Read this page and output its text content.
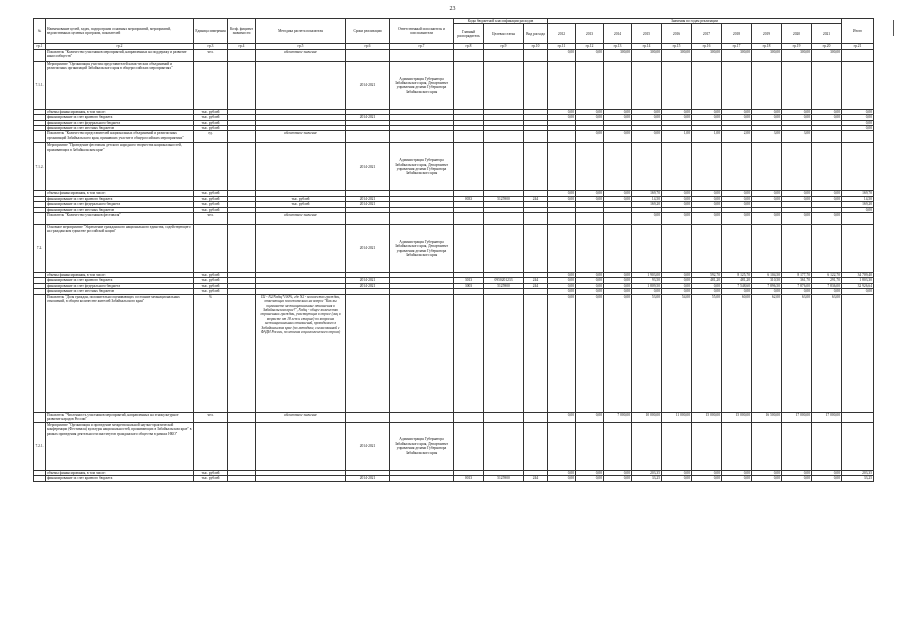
23
№	Наименование целей, задач, подпрограмм основных мероприятий, мероприятий, ведомственных целевых программ, показателей	Единица измерения	Коэф. фициент значимости	Методика расчета показателя	Сроки реализации	Ответственный исполнитель и соисполнители	Коды бюджетной классификации расходов			Значения по годам реализации										Итого
							Главный распорядитель	Целевая статья	Вид расхода	2012	2013	2014	2015	2016	2017	2018	2019	2020	2021	
гр.1	гр.2	гр.3	гр.4	гр.5	гр.6	гр.7	гр.8	гр.9	гр.10	гр.11	гр.12	гр.13	гр.14	гр.15	гр.16	гр.17	гр.18	гр.19	гр.20	гр.21
	Показатель "Количество участников мероприятий, направленных на поддержку и развитие наносообществ"	чел.		абсолютное значение						0,00	0,00	300,00	300,00	300,00	300,00	300,00	300,00	300,00	300,00	
7.1.1.	Мероприятие "Организация участия представителей казак-ческих объединений и религиозных организаций Забайкальского края в общероссийских мероприятиях"				2014-2021	Администрация Губернатора Забайкальского края, Департамент управления делами Губернатора Забайкальского края														
	объемы финансирования, в том числе:	тыс. рублей								0,00	0,00	0,00	0,00	0,00	0,00	0,00	0,00	0,00	0,00	0,00
	финансирование за счет краевого бюджета	тыс. рублей			2014-2021					0,00	0,00	0,00	0,00	0,00	0,00	0,00	0,00	0,00	0,00	0,00
	финансирование за счет федерального бюджета	тыс. рублей																		0,00
	финансирование за счет местных бюджетов	тыс. рублей																		0,00
	Показатель "Количество представителей национальных объединений и религиозных организаций Забайкальского края, принявших участие в общероссийских мероприятиях"	ед.		абсолютное значение							0,00	0,00	0,00	1,00	1,00	2,00	3,00	3,00		
7.1.2.	Мероприятие "Проведение фестиваля детского народного творчества национальностей, проживающих в Забайкальском крае"				2014-2021	Администрация Губернатора Забайкальского края, Департамент управления делами Губернатора Забайкальского края														
	объемы финансирования, в том числе:	тыс. рублей								0,00	0,00	0,00	169,70	0,00	0,00	0,00	0,00	0,00	0,00	169,70
	финансирование за счет краевого бюджета	тыс. рублей		тыс. рублей	2014-2021		0033	5125900	244	0,00	0,00	0,00	14,50	0,00	0,00	0,00	0,00	0,00	0,00	14,50
	финансирование за счет федерального бюджета	тыс. рублей		тыс. рублей	2014-2021								169,20	0,00	0,00	0,00				169,20
	финансирование за счет местных бюджетов	тыс. рублей																		0,00
	Показатель "Количество участников фестиваля"	чел.		абсолютное значение									0,00	0,00	0,00	0,00	0,00	0,00	0,00	
7.2.	Основное мероприятие "Укрепление гражданского национального единства, содействующего на гражданском единстве российской нации"				2014-2021	Администрация Губернатора Забайкальского края, Департамент управления делами Губернатора Забайкальского края														
	объемы финансирования, в том числе:	тыс. рублей								0,00	0,00	0,00	1 903,00	0,00	592,70	8 125,70	6 104,50	8 177,70	6 122,70	34 709,40
	финансирование за счет краевого бюджета	тыс. рублей			2014-2021		3013	0950201233	244	0,00	0,00	0,00	93,50	0,00	481,20	481,20	310,50	361,70	291,70	1 803,30
	финансирование за счет федерального бюджета	тыс. рублей			2014-2021		3003	5125900	244	0,00	0,00	0,00	1 809,50	0,00	0,00	7 548,60	7 896,50	7 876,00	7 836,00	32 926,64
	финансирование за счет местных бюджетов	тыс. рублей								0,00	0,00	0,00	0,00	0,00	0,00	0,00	0,00	0,00	0,00	0,00
	Показатель "Доля граждан, положительно оценивающих состояние межнациональных отношений, в общем количестве жителей Забайкальского края"	%		П2 - N2/Nобщ*100%, где N2 - количество граждан, отвечающих положительно на вопрос "Как вы оцениваете межнациональные отношения в Забайкальском крае?", Nобщ - общее количество опрошенных граждан, участвующих в опросе (лиц в возрасте от 18 лет и старше) по вопросам межнациональных отношений, проводимого в Забайкальском крае (по методике, согласованной с ФАДН России, по итогам социологического опроса)						0,00	0,00	0,00	53,00	54,00	55,00	60,00	62,00	63,00	63,00	
	Показатель "Численность участников мероприятий, направленных на этнокультурное развитие народов России"	чел.		абсолютное значение						0,00	0,00	7 000,00	10 000,00	11 000,00	15 000,00	15 000,00	16 500,00	17 000,00	17 000,00	
7.2.1.	Мероприятие "Организация и проведение межрегиональной научно-практической конференции (Фестиваля) культуры национальностей, проживающих в Забайкальском крае" в рамках проведения деятельности институтов гражданского общества в рамках НКО"				2014-2021	Администрация Губернатора Забайкальского края, Департамент управления делами Губернатора Забайкальского края														
	объемы финансирования, в том числе:	тыс. рублей								0,00	0,00	0,00	203,35	0,00	0,00	0,00	0,00	0,00	0,00	203,35
	финансирование за счет краевого бюджета	тыс. рублей			2014-2021		0013	5125900	244	0,00	0,00	0,00	33,25	0,00	0,00	0,00	0,00	0,00	0,00	33,25
